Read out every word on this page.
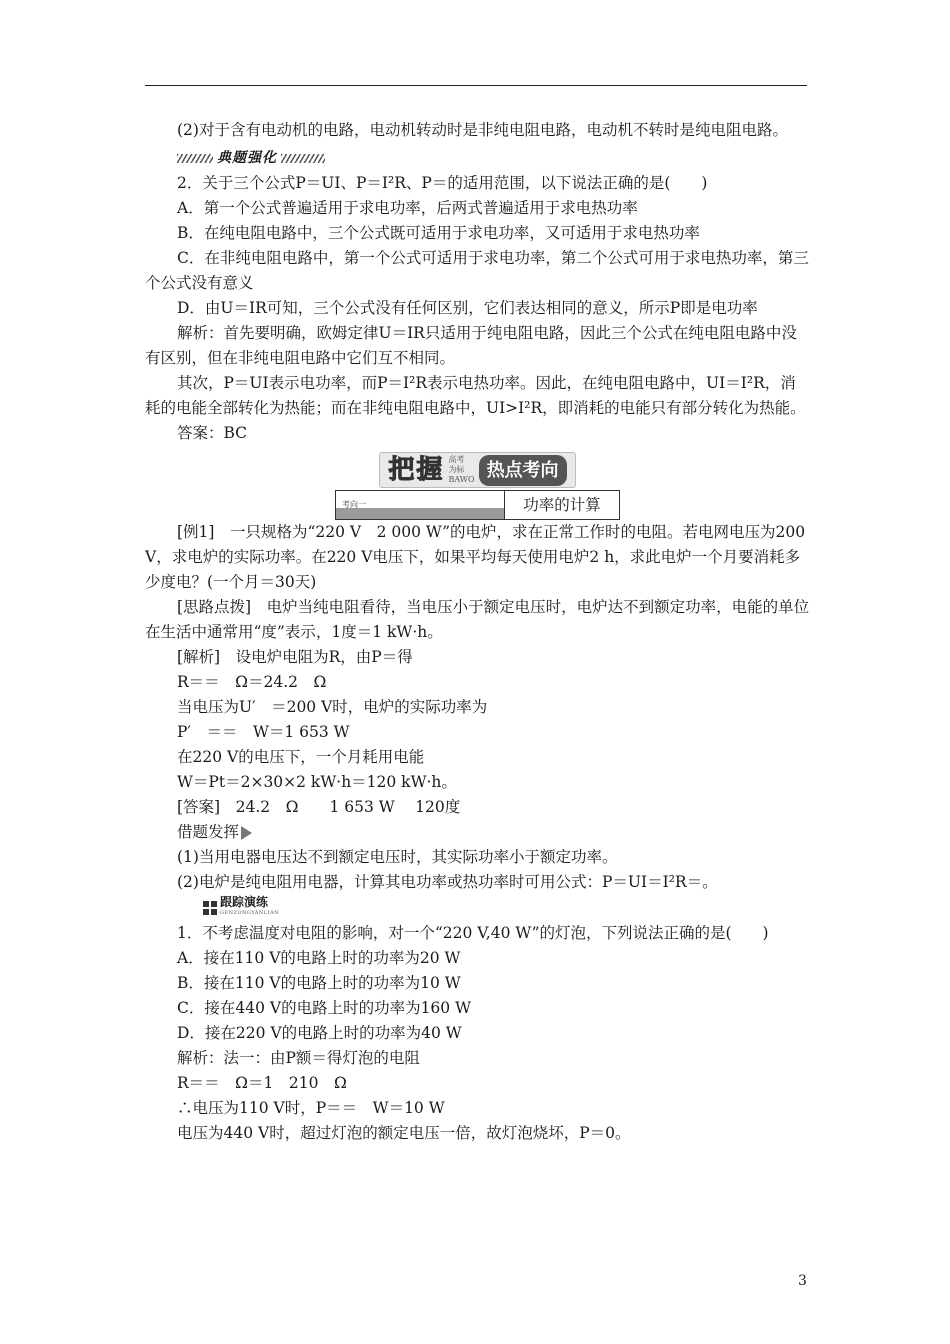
(2)对于含有电动机的电路，电动机转动时是非纯电阻电路，电动机不转时是纯电阻电路。

典题强化

2．关于三个公式P＝UI、P＝I²R、P＝的适用范围，以下说法正确的是(　　)

A．第一个公式普遍适用于求电功率，后两式普遍适用于求电热功率

B．在纯电阻电路中，三个公式既可适用于求电功率，又可适用于求电热功率

C．在非纯电阻电路中，第一个公式可适用于求电功率，第二个公式可用于求电热功率，第三个公式没有意义

D．由U＝IR可知，三个公式没有任何区别，它们表达相同的意义，所示P即是电功率

解析：首先要明确，欧姆定律U＝IR只适用于纯电阻电路，因此三个公式在纯电阻电路中没有区别，但在非纯电阻电路中它们互不相同。

其次，P＝UI表示电功率，而P＝I²R表示电热功率。因此，在纯电阻电路中，UI＝I²R，消耗的电能全部转化为热能；而在非纯电阻电路中，UI>I²R，即消耗的电能只有部分转化为热能。

答案：BC

把握 高考
为标
BAWO 热点考向
考向一	功率的计算

[例1]　一只规格为“220 V　2 000 W”的电炉，求在正常工作时的电阻。若电网电压为200 V，求电炉的实际功率。在220 V电压下，如果平均每天使用电炉2 h，求此电炉一个月要消耗多少度电？(一个月＝30天)

[思路点拨]　电炉当纯电阻看待，当电压小于额定电压时，电炉达不到额定功率，电能的单位在生活中通常用“度”表示，1度＝1 kW·h。

[解析]　设电炉电阻为R，由P＝得

R＝＝　Ω＝24.2　Ω

当电压为U′　＝200 V时，电炉的实际功率为

P′　＝＝　W＝1 653 W

在220 V的电压下，一个月耗用电能

W＝Pt＝2×30×2 kW·h＝120 kW·h。

[答案]　24.2　Ω　　1 653 W　 120度

借题发挥

(1)当用电器电压达不到额定电压时，其实际功率小于额定功率。

(2)电炉是纯电阻用电器，计算其电功率或热功率时可用公式：P＝UI＝I²R＝。

跟踪演练
GENZONGYANLIAN

1．不考虑温度对电阻的影响，对一个“220 V,40 W”的灯泡，下列说法正确的是(　　)

A．接在110 V的电路上时的功率为20 W

B．接在110 V的电路上时的功率为10 W

C．接在440 V的电路上时的功率为160 W

D．接在220 V的电路上时的功率为40 W

解析：法一：由P额＝得灯泡的电阻

R＝＝　Ω＝1　210　Ω

∴电压为110 V时，P＝＝　W＝10 W

电压为440 V时，超过灯泡的额定电压一倍，故灯泡烧坏，P＝0。

3
